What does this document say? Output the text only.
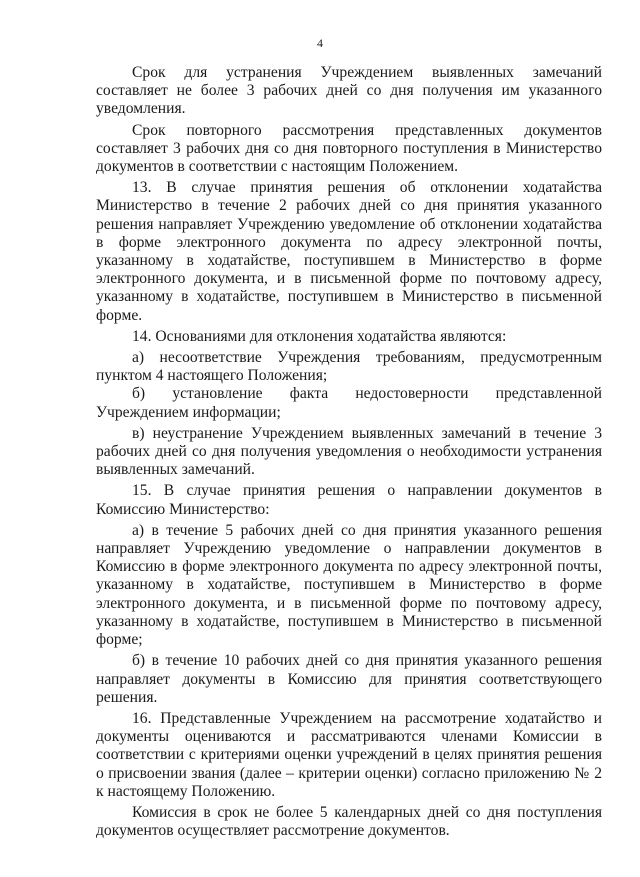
4

Срок для устранения Учреждением выявленных замечаний составляет не более 3 рабочих дней со дня получения им указанного уведомления.

Срок повторного рассмотрения представленных документов составляет 3 рабочих дня со дня повторного поступления в Министерство документов в соответствии с настоящим Положением.

13. В случае принятия решения об отклонении ходатайства Министерство в течение 2 рабочих дней со дня принятия указанного решения направляет Учреждению уведомление об отклонении ходатайства в форме электронного документа по адресу электронной почты, указанному в ходатайстве, поступившем в Министерство в форме электронного документа, и в письменной форме по почтовому адресу, указанному в ходатайстве, поступившем в Министерство в письменной форме.

14. Основаниями для отклонения ходатайства являются:

а) несоответствие Учреждения требованиям, предусмотренным пунктом 4 настоящего Положения;

б) установление факта недостоверности представленной Учреждением информации;

в) неустранение Учреждением выявленных замечаний в течение 3 рабочих дней со дня получения уведомления о необходимости устранения выявленных замечаний.

15. В случае принятия решения о направлении документов в Комиссию Министерство:

а) в течение 5 рабочих дней со дня принятия указанного решения направляет Учреждению уведомление о направлении документов в Комиссию в форме электронного документа по адресу электронной почты, указанному в ходатайстве, поступившем в Министерство в форме электронного документа, и в письменной форме по почтовому адресу, указанному в ходатайстве, поступившем в Министерство в письменной форме;

б) в течение 10 рабочих дней со дня принятия указанного решения направляет документы в Комиссию для принятия соответствующего решения.

16. Представленные Учреждением на рассмотрение ходатайство и документы оцениваются и рассматриваются членами Комиссии в соответствии с критериями оценки учреждений в целях принятия решения о присвоении звания (далее – критерии оценки) согласно приложению № 2 к настоящему Положению.

Комиссия в срок не более 5 календарных дней со дня поступления документов осуществляет рассмотрение документов.
